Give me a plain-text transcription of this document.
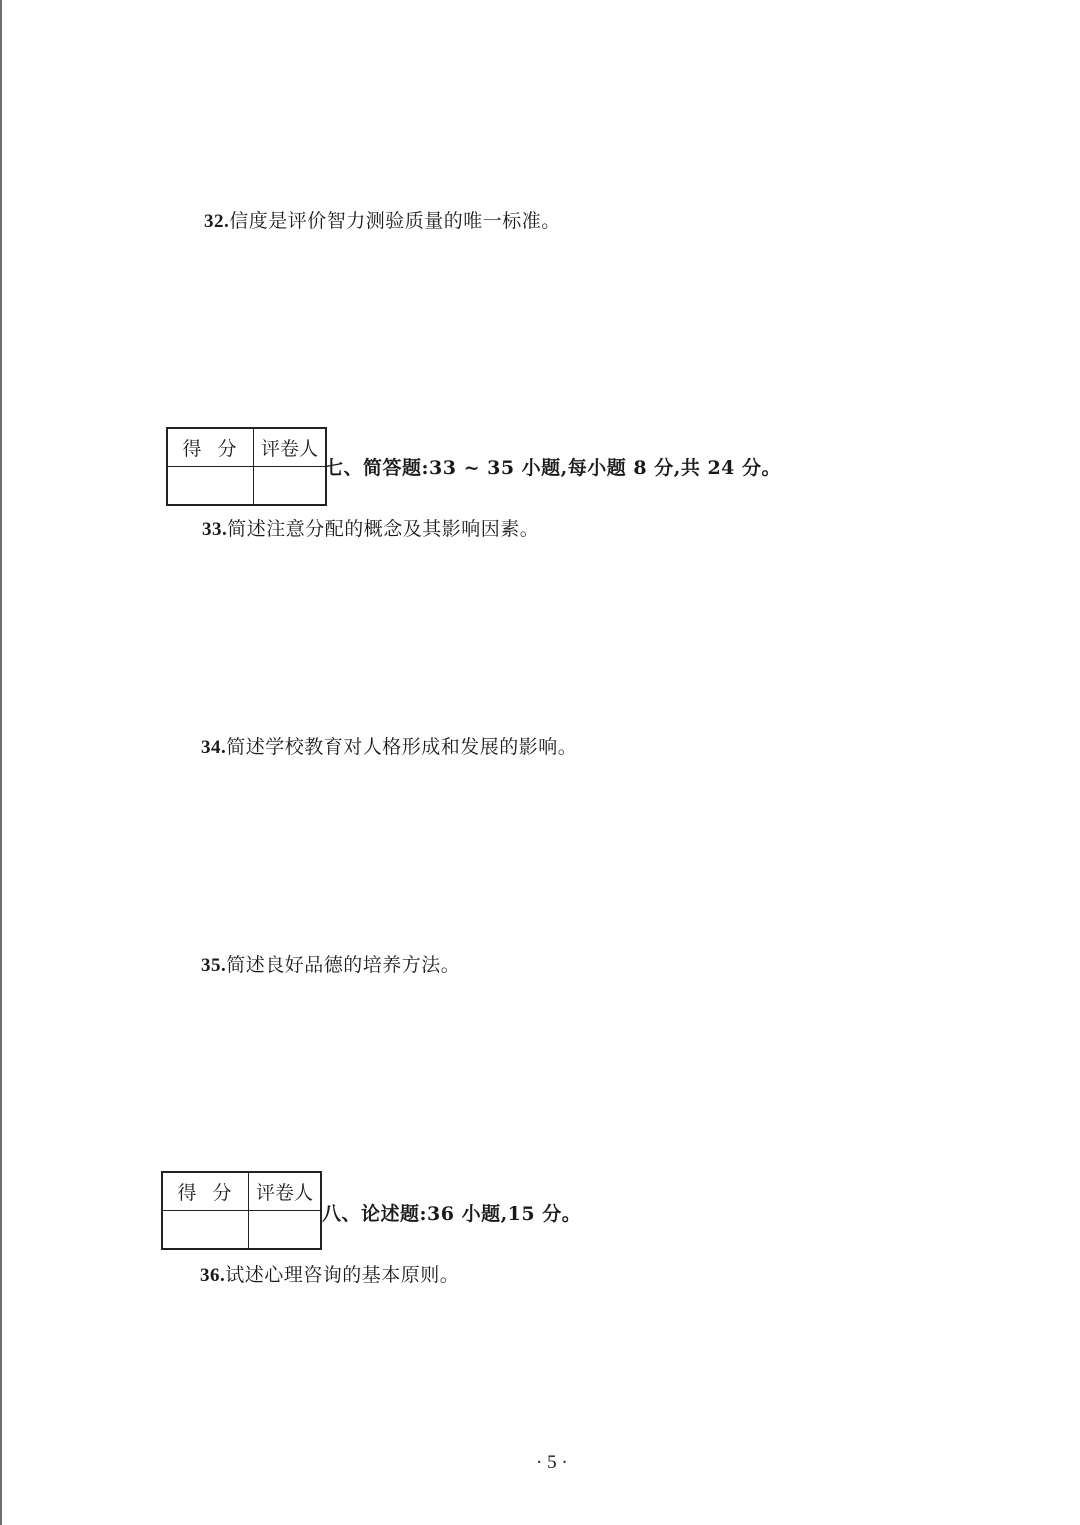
32.信度是评价智力测验质量的唯一标准。
得分	评卷人

七、简答题:33 ~ 35 小题,每小题 8 分,共 24 分。
33.简述注意分配的概念及其影响因素。
34.简述学校教育对人格形成和发展的影响。
35.简述良好品德的培养方法。
得分	评卷人

八、论述题:36 小题,15 分。
36.试述心理咨询的基本原则。
· 5 ·
